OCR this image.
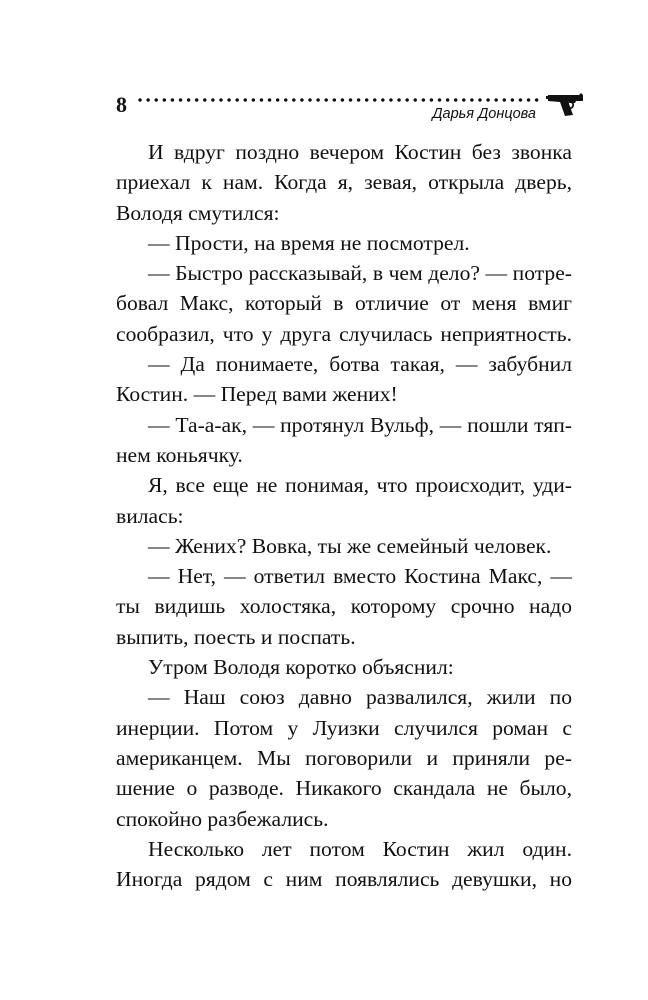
8	Дарья Донцова
И вдруг поздно вечером Костин без звонка
приехал к нам. Когда я, зевая, открыла дверь,
Володя смутился:
— Прости, на время не посмотрел.
— Быстро рассказывай, в чем дело? — потре-
бовал Макс, который в отличие от меня вмиг
сообразил, что у друга случилась неприятность.
— Да понимаете, ботва такая, — забубнил
Костин. — Перед вами жених!
— Та-а-ак, — протянул Вульф, — пошли тяп-
нем коньячку.
Я, все еще не понимая, что происходит, уди-
вилась:
— Жених? Вовка, ты же семейный человек.
— Нет, — ответил вместо Костина Макс, —
ты видишь холостяка, которому срочно надо
выпить, поесть и поспать.
Утром Володя коротко объяснил:
— Наш союз давно развалился, жили по
инерции. Потом у Луизки случился роман с
американцем. Мы поговорили и приняли ре-
шение о разводе. Никакого скандала не было,
спокойно разбежались.
Несколько лет потом Костин жил один.
Иногда рядом с ним появлялись девушки, но
